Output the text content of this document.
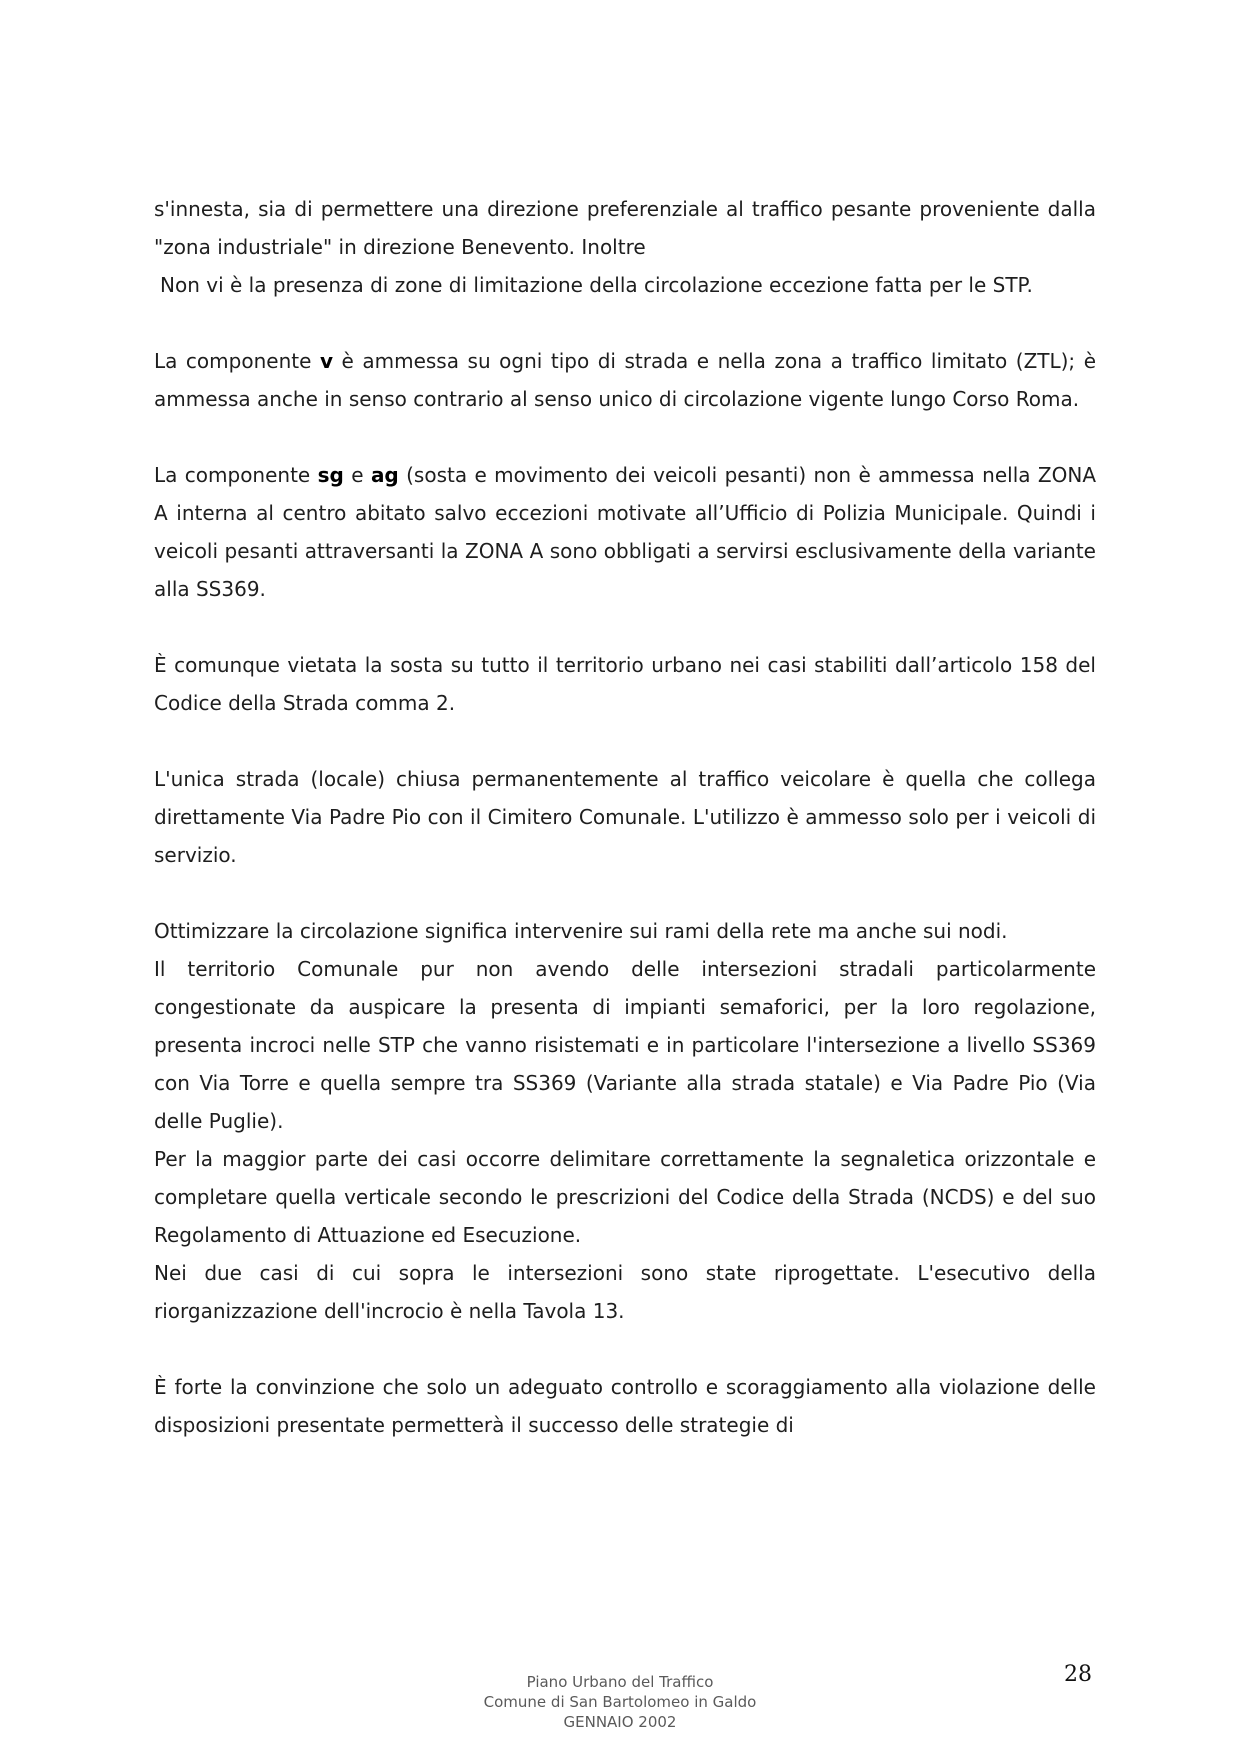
s'innesta, sia di permettere una direzione preferenziale al traffico pesante proveniente dalla "zona industriale" in direzione Benevento. Inoltre

Non vi è la presenza di zone di limitazione della circolazione eccezione fatta per le STP.

La componente v è ammessa su ogni tipo di strada e nella zona a traffico limitato (ZTL); è ammessa anche in senso contrario al senso unico di circolazione vigente lungo Corso Roma.

La componente sg e ag (sosta e movimento dei veicoli pesanti) non è ammessa nella ZONA A interna al centro abitato salvo eccezioni motivate all’Ufficio di Polizia Municipale. Quindi i veicoli pesanti attraversanti la ZONA A sono obbligati a servirsi esclusivamente della variante alla SS369.

È comunque vietata la sosta su tutto il territorio urbano nei casi stabiliti dall’articolo 158 del Codice della Strada comma 2.

L'unica strada (locale) chiusa permanentemente al traffico veicolare è quella che collega direttamente Via Padre Pio con il Cimitero Comunale. L'utilizzo è ammesso solo per i veicoli di servizio.

Ottimizzare la circolazione significa intervenire sui rami della rete ma anche sui nodi.

Il territorio Comunale pur non avendo delle intersezioni stradali particolarmente congestionate da auspicare la presenta di impianti semaforici, per la loro regolazione, presenta incroci nelle STP che vanno risistemati e in particolare l'intersezione a livello SS369 con Via Torre e quella sempre tra SS369 (Variante alla strada statale) e Via Padre Pio (Via delle Puglie).

Per la maggior parte dei casi occorre delimitare correttamente la segnaletica orizzontale e completare quella verticale secondo le prescrizioni del Codice della Strada (NCDS) e del suo Regolamento di Attuazione ed Esecuzione.

Nei due casi di cui sopra le intersezioni sono state riprogettate. L'esecutivo della riorganizzazione dell'incrocio è nella Tavola 13.

È forte la convinzione che solo un adeguato controllo e scoraggiamento alla violazione delle disposizioni presentate permetterà il successo delle strategie di

Piano Urbano del Traffico
Comune di San Bartolomeo in Galdo
GENNAIO 2002
28
